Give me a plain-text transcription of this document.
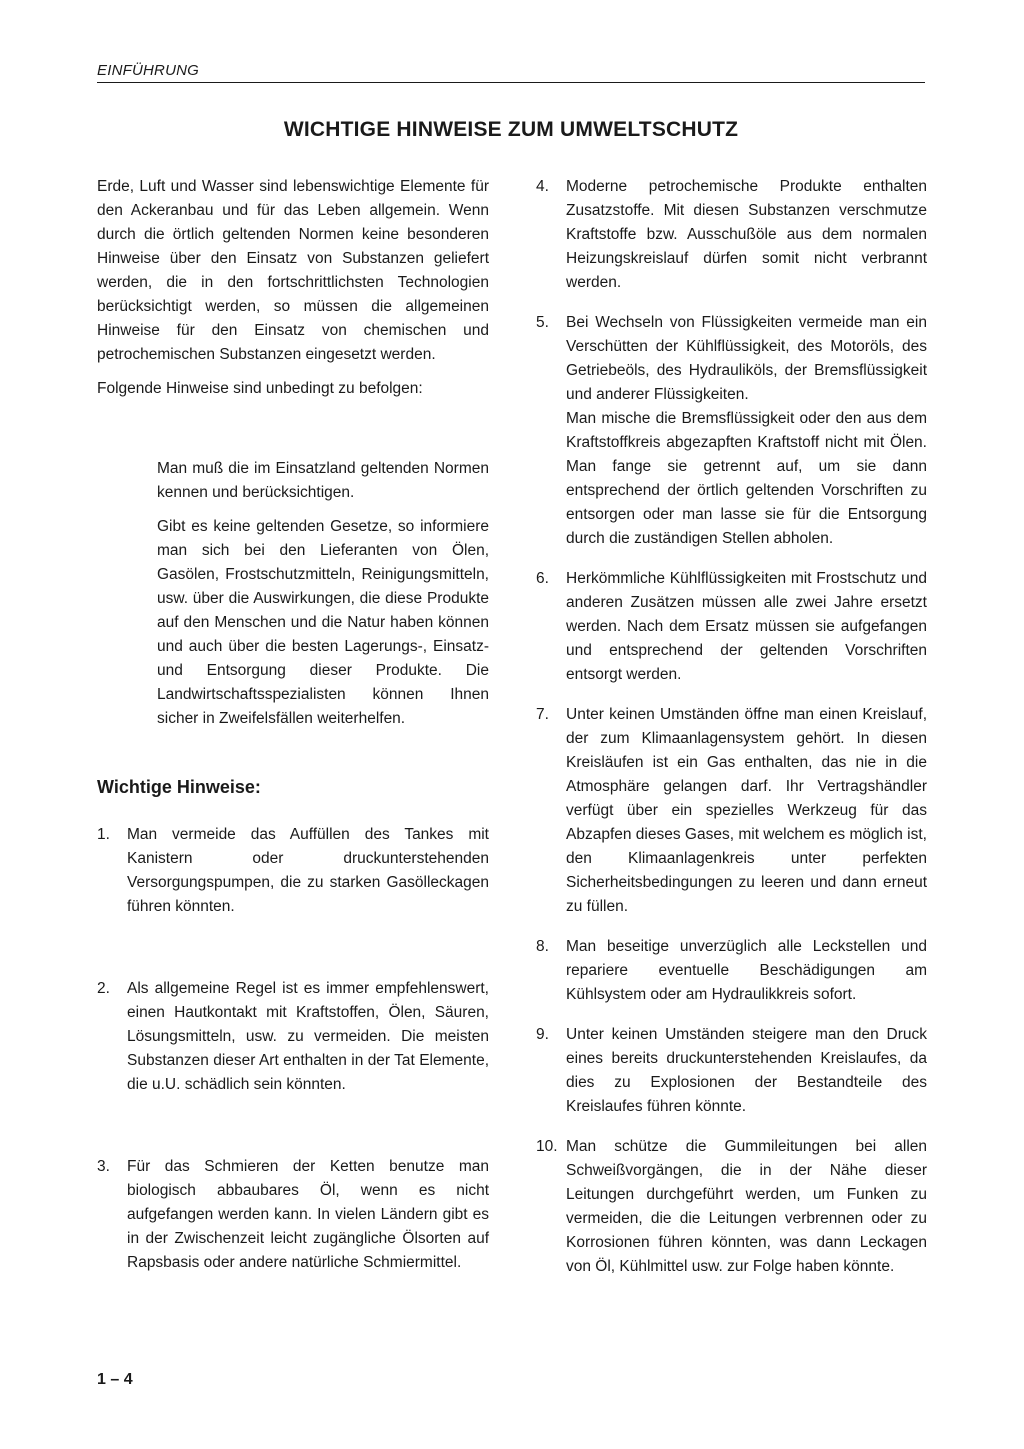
EINFÜHRUNG
WICHTIGE HINWEISE ZUM UMWELTSCHUTZ

Erde, Luft und Wasser sind lebenswichtige Elemente für den Ackeranbau und für das Leben allgemein. Wenn durch die örtlich geltenden Normen keine besonderen Hinweise über den Einsatz von Substanzen geliefert werden, die in den fortschrittlichsten Technologien berücksichtigt werden, so müssen die allgemeinen Hinweise für den Einsatz von chemischen und petrochemischen Substanzen eingesetzt werden.

Folgende Hinweise sind unbedingt zu befolgen:

Man muß die im Einsatzland geltenden Normen kennen und berücksichtigen.

Gibt es keine geltenden Gesetze, so informiere man sich bei den Lieferanten von Ölen, Gasölen, Frostschutzmitteln, Reinigungsmitteln, usw. über die Auswirkungen, die diese Produkte auf den Menschen und die Natur haben können und auch über die besten Lagerungs-, Einsatz- und Entsorgung dieser Produkte. Die Landwirtschaftsspezialisten können Ihnen sicher in Zweifelsfällen weiterhelfen.

Wichtige Hinweise:
1.	Man vermeide das Auffüllen des Tankes mit Kanistern oder druckunterstehenden Versorgungspumpen, die zu starken Gasölleckagen führen könnten.

2.	Als allgemeine Regel ist es immer empfehlenswert, einen Hautkontakt mit Kraftstoffen, Ölen, Säuren, Lösungsmitteln, usw. zu vermeiden. Die meisten Substanzen dieser Art enthalten in der Tat Elemente, die u.U. schädlich sein könnten.

3.	Für das Schmieren der Ketten benutze man biologisch abbaubares Öl, wenn es nicht aufgefangen werden kann. In vielen Ländern gibt es in der Zwischenzeit leicht zugängliche Ölsorten auf Rapsbasis oder andere natürliche Schmiermittel.

4.	Moderne petrochemische Produkte enthalten Zusatzstoffe. Mit diesen Substanzen verschmutze Kraftstoffe bzw. Ausschußöle aus dem normalen Heizungskreislauf dürfen somit nicht verbrannt werden.

5.	Bei Wechseln von Flüssigkeiten vermeide man ein Verschütten der Kühlflüssigkeit, des Motoröls, des Getriebeöls, des Hydrauliköls, der Bremsflüssigkeit und anderer Flüssigkeiten.

Man mische die Bremsflüssigkeit oder den aus dem Kraftstoffkreis abgezapften Kraftstoff nicht mit Ölen. Man fange sie getrennt auf, um sie dann entsprechend der örtlich geltenden Vorschriften zu entsorgen oder man lasse sie für die Entsorgung durch die zuständigen Stellen abholen.

6.	Herkömmliche Kühlflüssigkeiten mit Frostschutz und anderen Zusätzen müssen alle zwei Jahre ersetzt werden. Nach dem Ersatz müssen sie aufgefangen und entsprechend der geltenden Vorschriften entsorgt werden.

7.	Unter keinen Umständen öffne man einen Kreislauf, der zum Klimaanlagensystem gehört. In diesen Kreisläufen ist ein Gas enthalten, das nie in die Atmosphäre gelangen darf. Ihr Vertragshändler verfügt über ein spezielles Werkzeug für das Abzapfen dieses Gases, mit welchem es möglich ist, den Klimaanlagenkreis unter perfekten Sicherheitsbedingungen zu leeren und dann erneut zu füllen.

8.	Man beseitige unverzüglich alle Leckstellen und repariere eventuelle Beschädigungen am Kühlsystem oder am Hydraulikkreis sofort.

9.	Unter keinen Umständen steigere man den Druck eines bereits druckunterstehenden Kreislaufes, da dies zu Explosionen der Bestandteile des Kreislaufes führen könnte.

10. Man schütze die Gummileitungen bei allen Schweißvorgängen, die in der Nähe dieser Leitungen durchgeführt werden, um Funken zu vermeiden, die die Leitungen verbrennen oder zu Korrosionen führen könnten, was dann Leckagen von Öl, Kühlmittel usw. zur Folge haben könnte.

1 – 4
